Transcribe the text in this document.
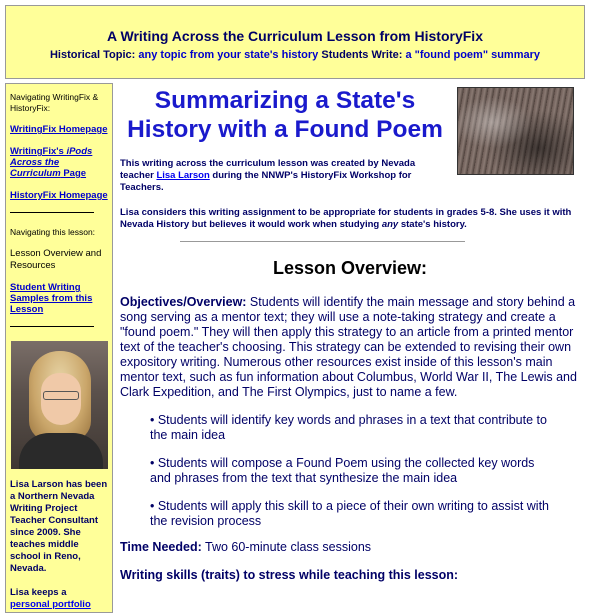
A Writing Across the Curriculum Lesson from HistoryFix
Historical Topic: any topic from your state's history Students Write: a "found poem" summary
Navigating WritingFix & HistoryFix:
WritingFix Homepage
WritingFix's iPods Across the Curriculum Page
HistoryFix Homepage
Navigating this lesson:
Lesson Overview and Resources
Student Writing Samples from this Lesson
Lisa Larson has been a Northern Nevada Writing Project Teacher Consultant since 2009. She teaches middle school in Reno, Nevada.
Lisa keeps a personal portfolio
Summarizing a State's History with a Found Poem
This writing across the curriculum lesson was created by Nevada teacher Lisa Larson during the NNWP's HistoryFix Workshop for Teachers.
Lisa considers this writing assignment to be appropriate for students in grades 5-8. She uses it with Nevada History but believes it would work when studying any state's history.
Lesson Overview:
Objectives/Overview: Students will identify the main message and story behind a song serving as a mentor text; they will use a note-taking strategy and create a "found poem." They will then apply this strategy to an article from a printed mentor text of the teacher's choosing. This strategy can be extended to revising their own expository writing. Numerous other resources exist inside of this lesson's main mentor text, such as fun information about Columbus, World War II, The Lewis and Clark Expedition, and The First Olympics, just to name a few.
• Students will identify key words and phrases in a text that contribute to the main idea
• Students will compose a Found Poem using the collected key words and phrases from the text that synthesize the main idea
• Students will apply this skill to a piece of their own writing to assist with the revision process
Time Needed: Two 60-minute class sessions
Writing skills (traits) to stress while teaching this lesson:
